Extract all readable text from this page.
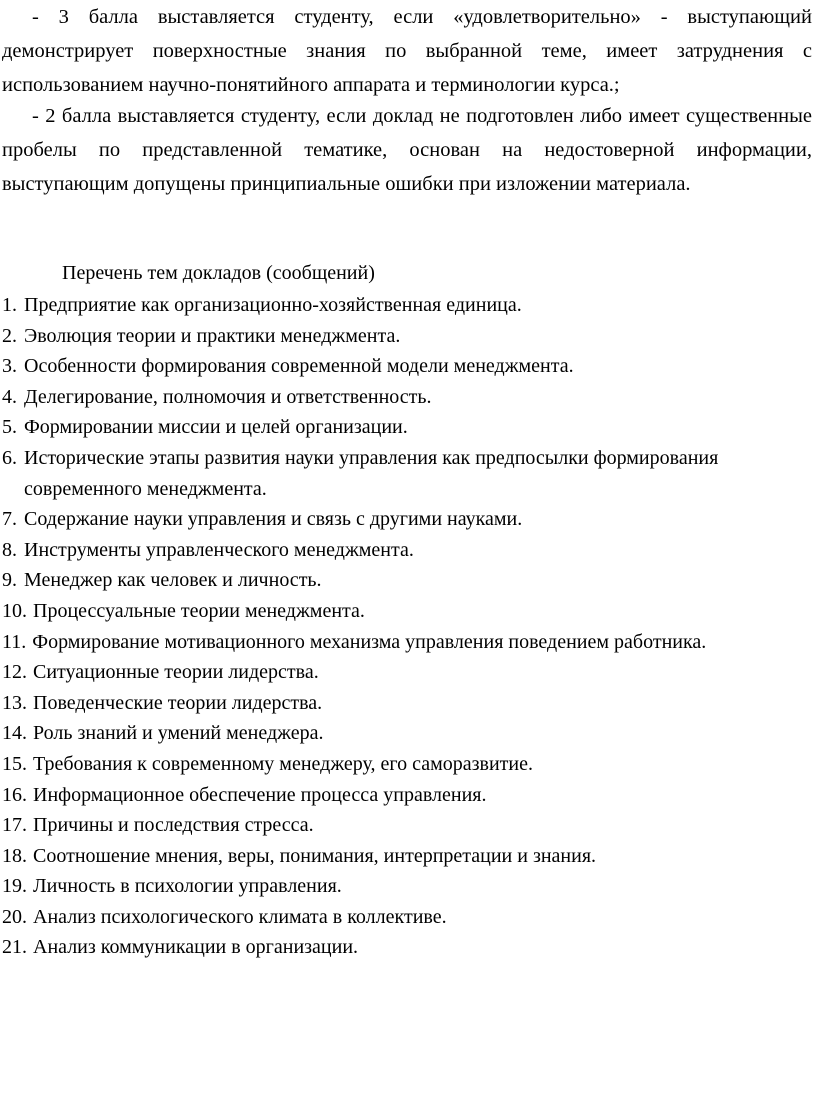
- 3 балла выставляется студенту, если «удовлетворительно» - выступающий демонстрирует поверхностные знания по выбранной теме, имеет затруднения с использованием научно-понятийного аппарата и терминологии курса.;

- 2 балла выставляется студенту, если доклад не подготовлен либо имеет существенные пробелы по представленной тематике, основан на недостоверной информации, выступающим допущены принципиальные ошибки при изложении материала.

Перечень тем докладов (сообщений)

1. Предприятие как организационно-хозяйственная единица.
2. Эволюция теории и практики менеджмента.
3. Особенности формирования современной модели менеджмента.
4. Делегирование, полномочия и ответственность.
5. Формировании миссии и целей организации.
6. Исторические этапы развития науки управления как предпосылки формирования современного менеджмента.
7. Содержание науки управления и связь с другими науками.
8. Инструменты управленческого менеджмента.
9. Менеджер как человек и личность.
10. Процессуальные теории менеджмента.
11. Формирование мотивационного механизма управления поведением работника.
12. Ситуационные теории лидерства.
13. Поведенческие теории лидерства.
14. Роль знаний и умений менеджера.
15. Требования к современному менеджеру, его саморазвитие.
16. Информационное обеспечение процесса управления.
17. Причины и последствия стресса.
18. Соотношение мнения, веры, понимания, интерпретации и знания.
19. Личность в психологии управления.
20. Анализ психологического климата в коллективе.
21. Анализ коммуникации в организации.
